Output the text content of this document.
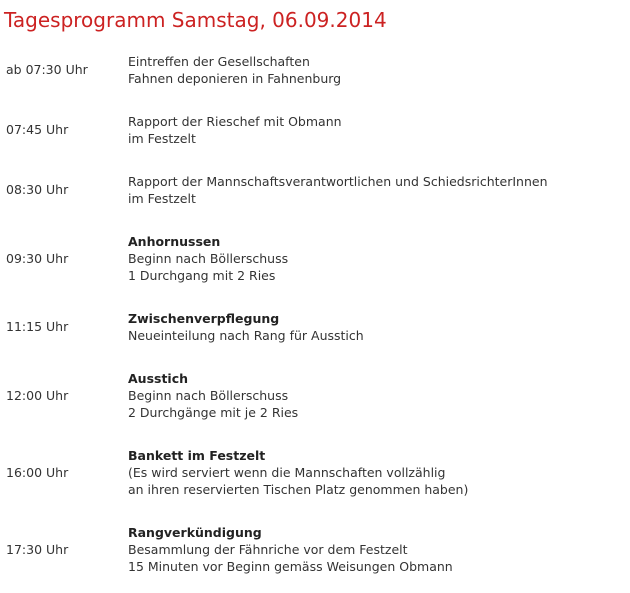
Tagesprogramm Samstag, 06.09.2014
ab 07:30 Uhr
Eintreffen der Gesellschaften
Fahnen deponieren in Fahnenburg
07:45 Uhr
Rapport der Rieschef mit Obmann
im Festzelt
08:30 Uhr
Rapport der Mannschaftsverantwortlichen und SchiedsrichterInnen
im Festzelt
09:30 Uhr
Anhornussen
Beginn nach Böllerschuss
1 Durchgang mit 2 Ries
11:15 Uhr
Zwischenverpflegung
Neueinteilung nach Rang für Ausstich
12:00 Uhr
Ausstich
Beginn nach Böllerschuss
2 Durchgänge mit je 2 Ries
16:00 Uhr
Bankett im Festzelt
(Es wird serviert wenn die Mannschaften vollzählig
an ihren reservierten Tischen Platz genommen haben)
17:30 Uhr
Rangverkündigung
Besammlung der Fähnriche vor dem Festzelt
15 Minuten vor Beginn gemäss Weisungen Obmann
